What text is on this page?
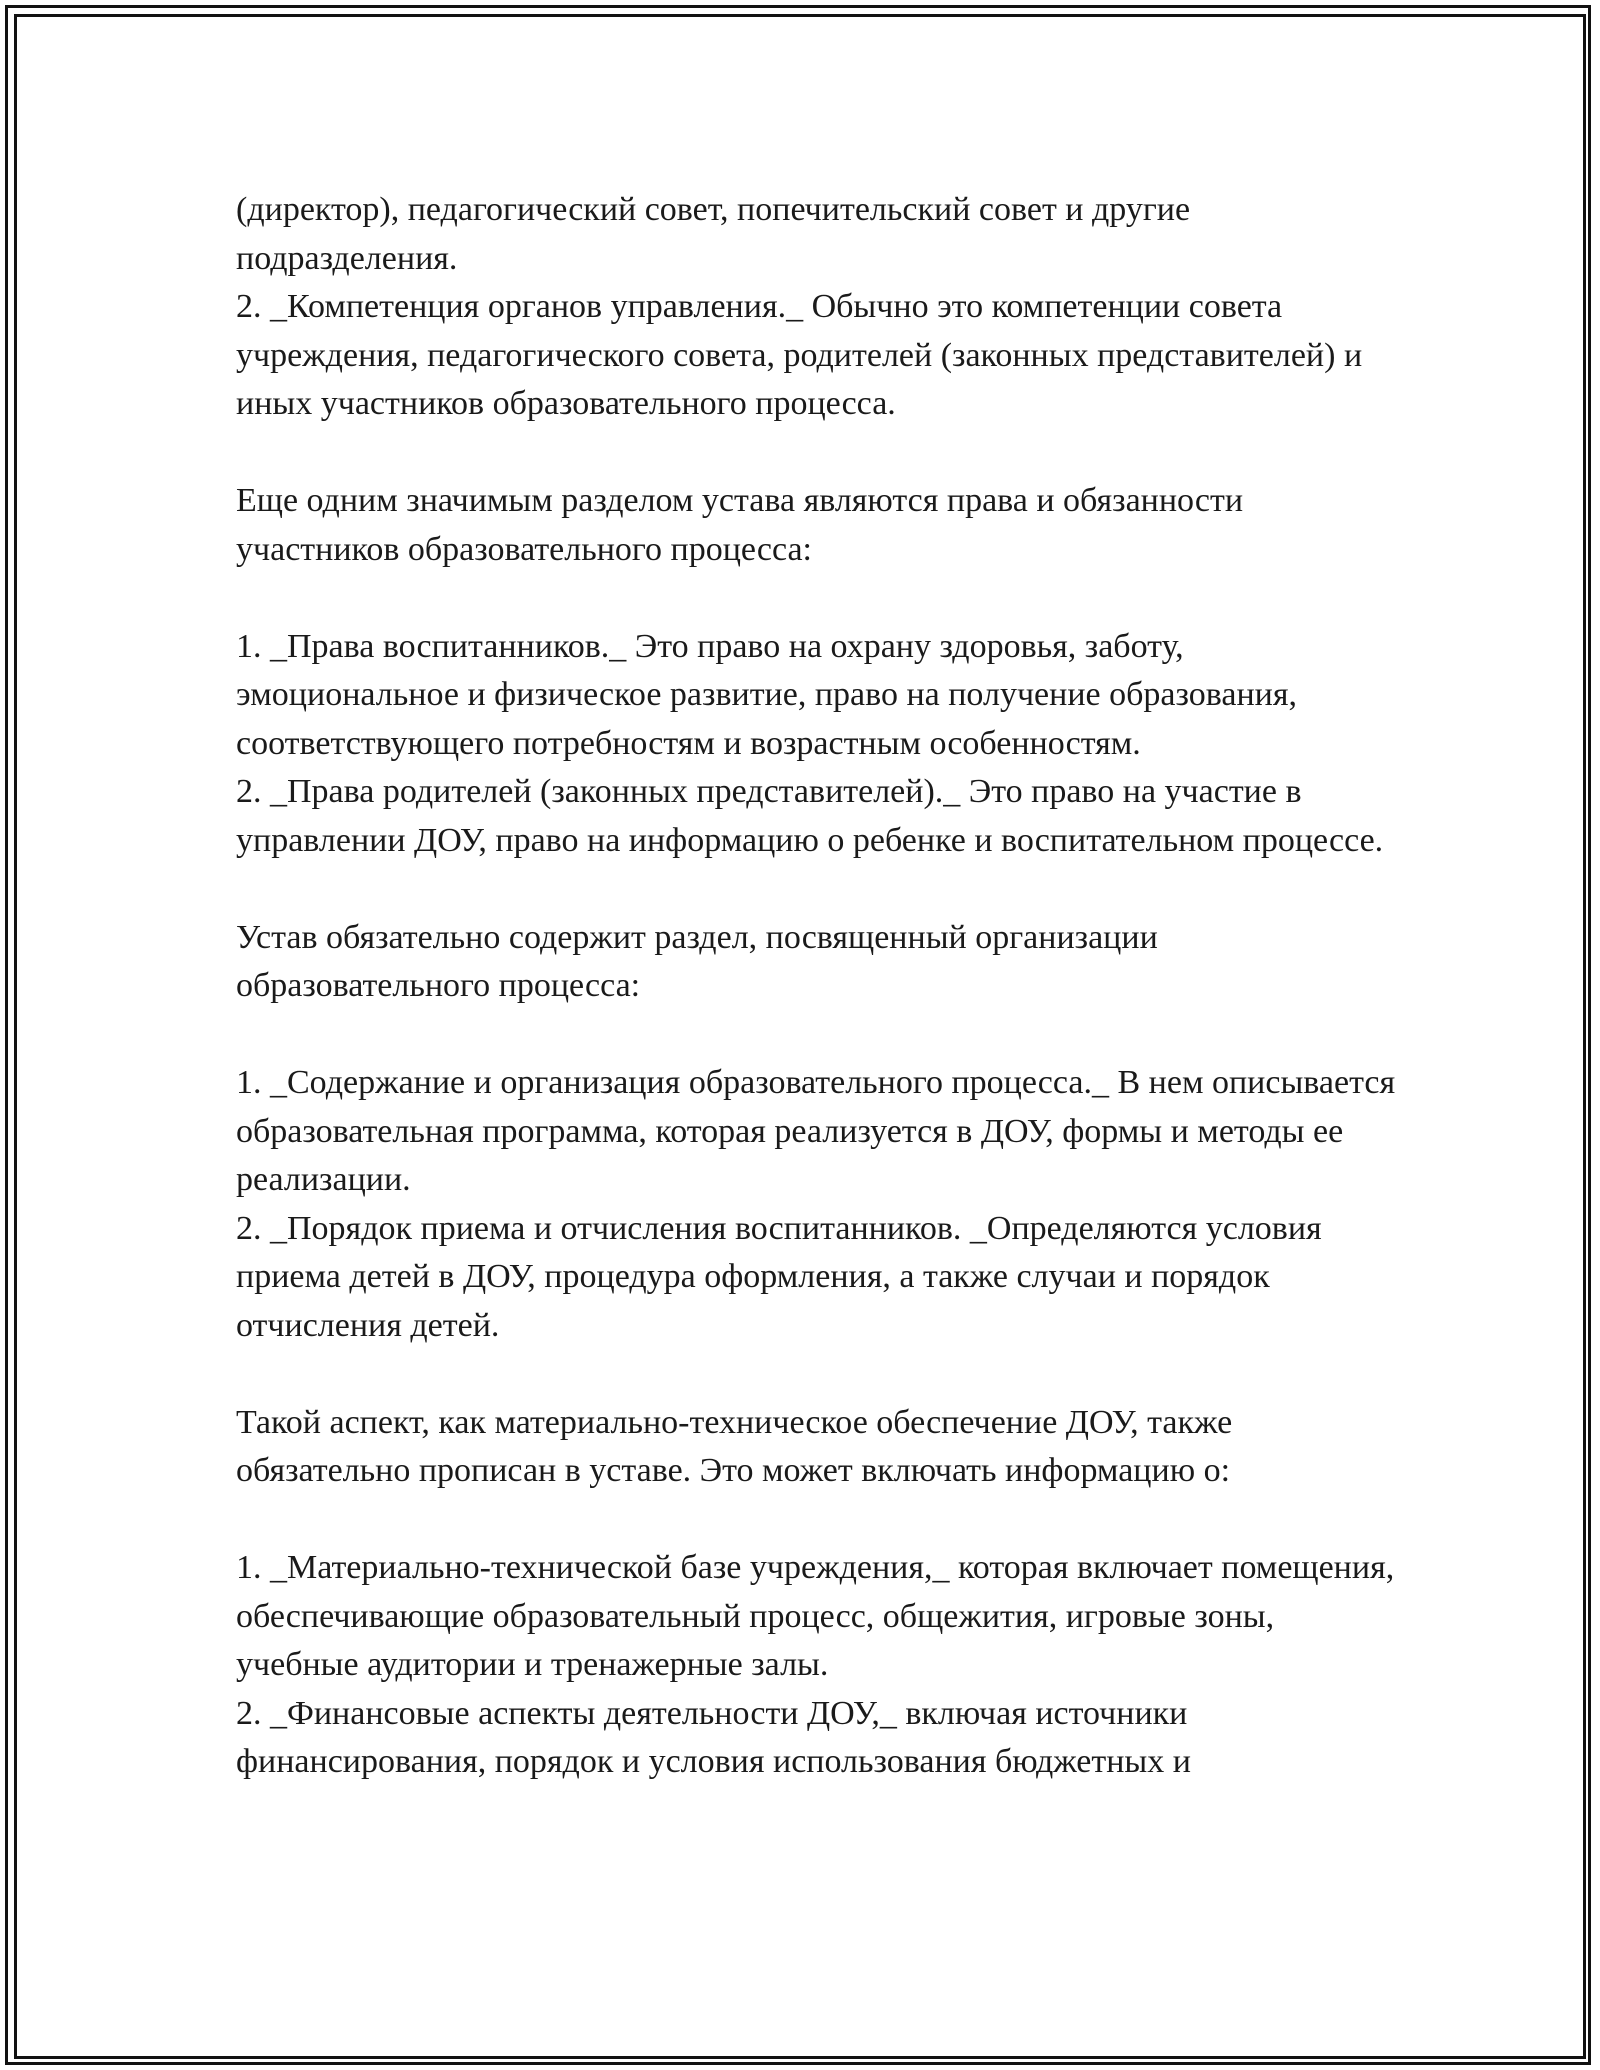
(директор), педагогический совет, попечительский совет и другие подразделения.

2. _Компетенция органов управления._ Обычно это компетенции совета учреждения, педагогического совета, родителей (законных представителей) и иных участников образовательного процесса.

Еще одним значимым разделом устава являются права и обязанности участников образовательного процесса:

1. _Права воспитанников._ Это право на охрану здоровья, заботу, эмоциональное и физическое развитие, право на получение образования, соответствующего потребностям и возрастным особенностям.

2. _Права родителей (законных представителей)._ Это право на участие в управлении ДОУ, право на информацию о ребенке и воспитательном процессе.

Устав обязательно содержит раздел, посвященный организации образовательного процесса:

1. _Содержание и организация образовательного процесса._ В нем описывается образовательная программа, которая реализуется в ДОУ, формы и методы ее реализации.

2. _Порядок приема и отчисления воспитанников. _Определяются условия приема детей в ДОУ, процедура оформления, а также случаи и порядок отчисления детей.

Такой аспект, как материально-техническое обеспечение ДОУ, также обязательно прописан в уставе. Это может включать информацию о:

1. _Материально-технической базе учреждения,_ которая включает помещения, обеспечивающие образовательный процесс, общежития, игровые зоны, учебные аудитории и тренажерные залы.

2. _Финансовые аспекты деятельности ДОУ,_ включая источники финансирования, порядок и условия использования бюджетных и
